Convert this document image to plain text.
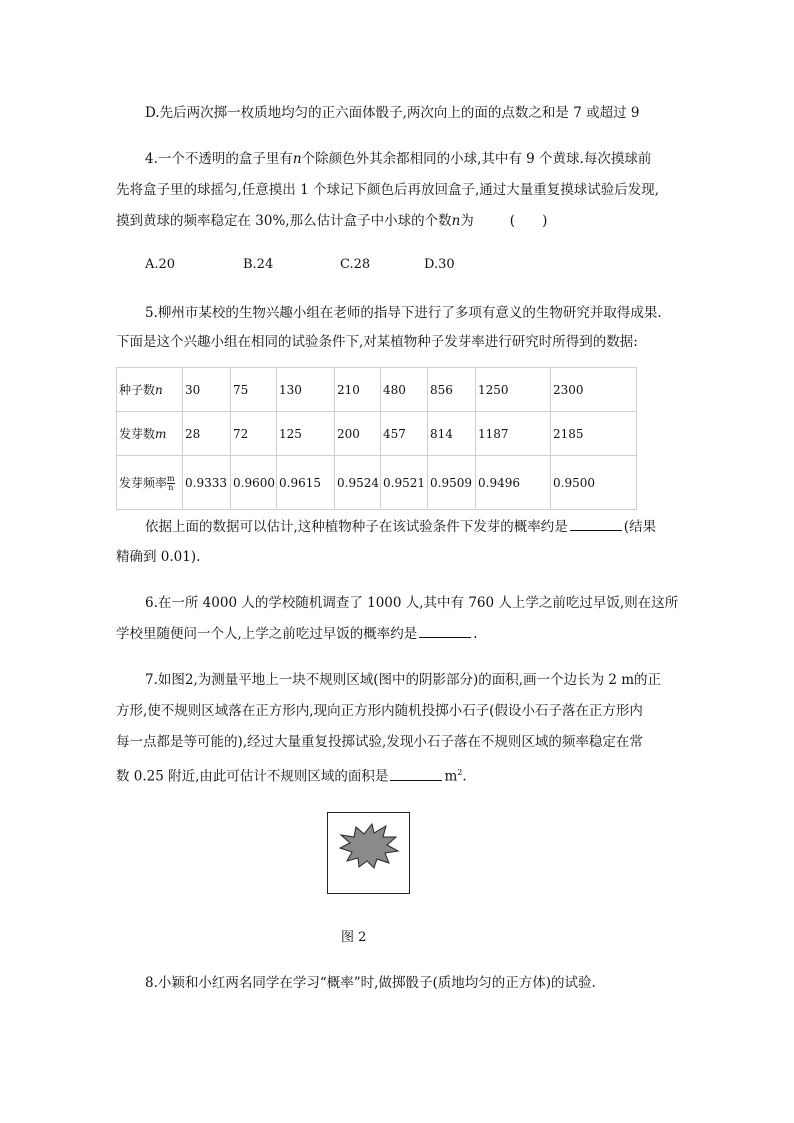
D.先后两次掷一枚质地均匀的正六面体骰子,两次向上的面的点数之和是 7 或超过 9
4.一个不透明的盒子里有n个除颜色外其余都相同的小球,其中有 9 个黄球.每次摸球前
先将盒子里的球摇匀,任意摸出 1 个球记下颜色后再放回盒子,通过大量重复摸球试验后发现,
摸到黄球的频率稳定在 30%,那么估计盒子中小球的个数n为	(　　)
A.20	B.24	C.28	D.30
5.柳州市某校的生物兴趣小组在老师的指导下进行了多项有意义的生物研究并取得成果.
下面是这个兴趣小组在相同的试验条件下,对某植物种子发芽率进行研究时所得到的数据:
种子数n	30	75	130	210	480	856	1250	2300
发芽数m	28	72	125	200	457	814	1187	2185
发芽频率 $\frac{m}{n}$	0.9333	0.9600	0.9615	0.9524	0.9521	0.9509	0.9496	0.9500
依据上面的数据可以估计,这种植物种子在该试验条件下发芽的概率约是	(结果
精确到 0.01).
6.在一所 4000 人的学校随机调查了 1000 人,其中有 760 人上学之前吃过早饭,则在这所
学校里随便问一个人,上学之前吃过早饭的概率约是	.
7.如图2,为测量平地上一块不规则区域(图中的阴影部分)的面积,画一个边长为 2 m的正
方形,使不规则区域落在正方形内,现向正方形内随机投掷小石子(假设小石子落在正方形内
每一点都是等可能的),经过大量重复投掷试验,发现小石子落在不规则区域的频率稳定在常
数 0.25 附近,由此可估计不规则区域的面积是	$m^2$.
图 2
8.小颖和小红两名同学在学习“概率”时,做掷骰子(质地均匀的正方体)的试验.
